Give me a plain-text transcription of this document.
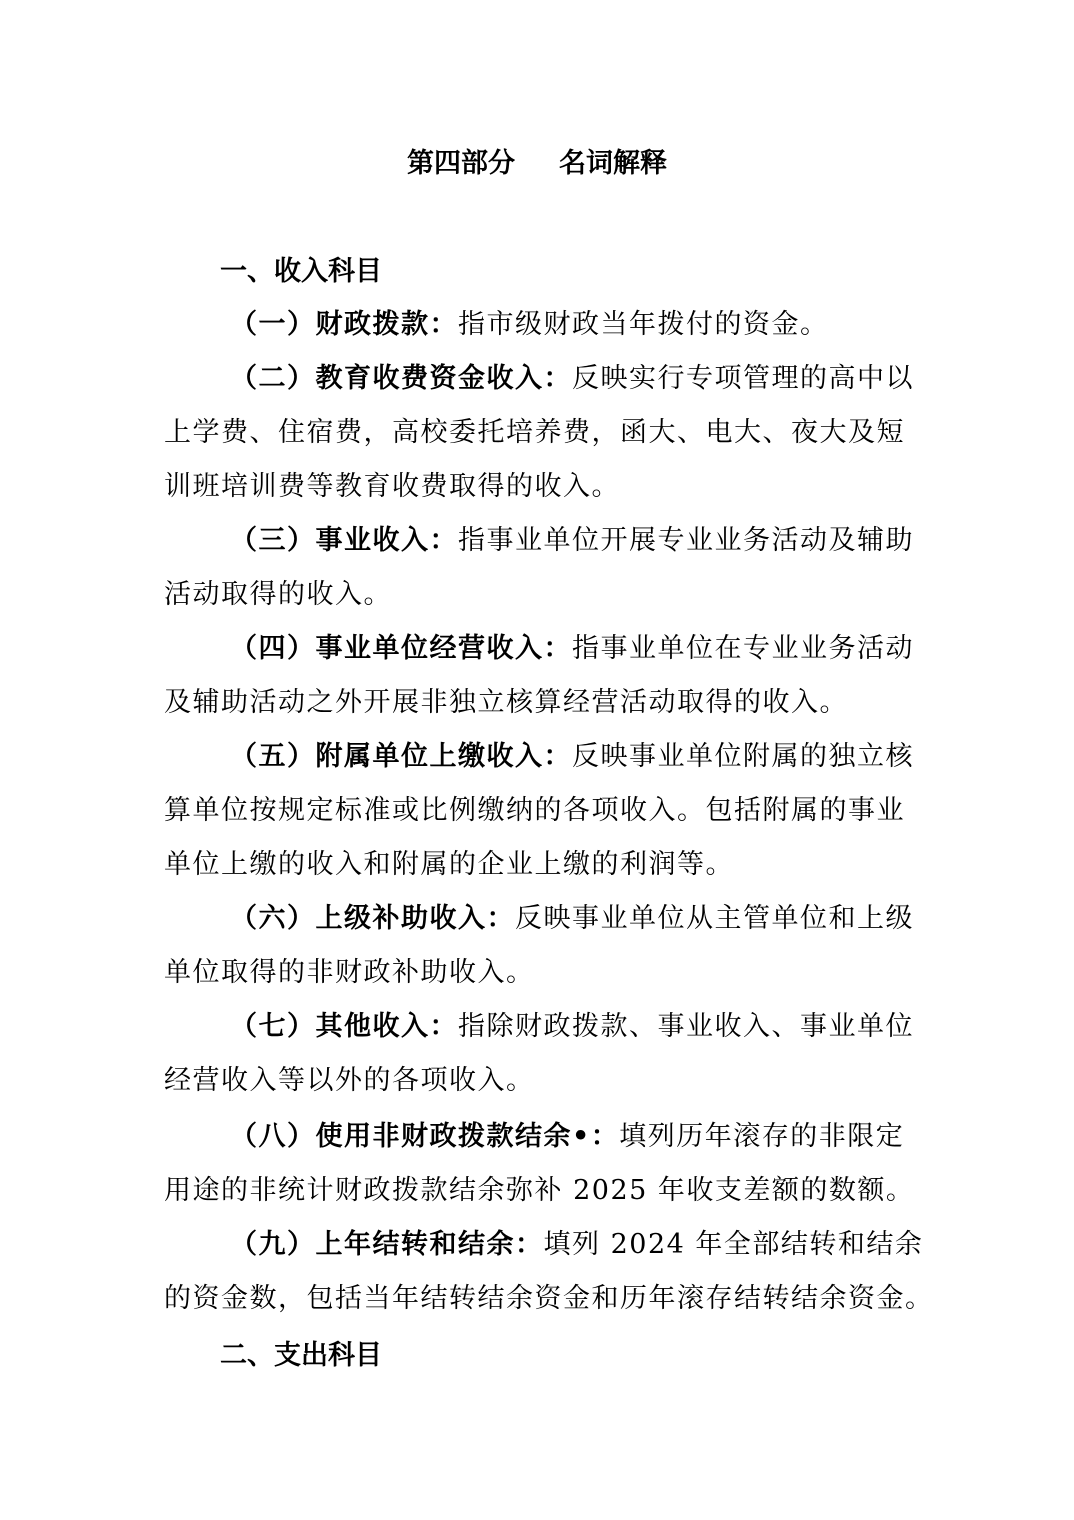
第四部分 名词解释
一、收入科目
（一）财政拨款：指市级财政当年拨付的资金。
（二）教育收费资金收入：反映实行专项管理的高中以
上学费、住宿费，高校委托培养费，函大、电大、夜大及短
训班培训费等教育收费取得的收入。
（三）事业收入：指事业单位开展专业业务活动及辅助
活动取得的收入。
（四）事业单位经营收入：指事业单位在专业业务活动
及辅助活动之外开展非独立核算经营活动取得的收入。
（五）附属单位上缴收入：反映事业单位附属的独立核
算单位按规定标准或比例缴纳的各项收入。包括附属的事业
单位上缴的收入和附属的企业上缴的利润等。
（六）上级补助收入：反映事业单位从主管单位和上级
单位取得的非财政补助收入。
（七）其他收入：指除财政拨款、事业收入、事业单位
经营收入等以外的各项收入。
（八）使用非财政拨款结余•：填列历年滚存的非限定
用途的非统计财政拨款结余弥补 2025 年收支差额的数额。
（九）上年结转和结余：填列 2024 年全部结转和结余
的资金数，包括当年结转结余资金和历年滚存结转结余资金。
二、支出科目
